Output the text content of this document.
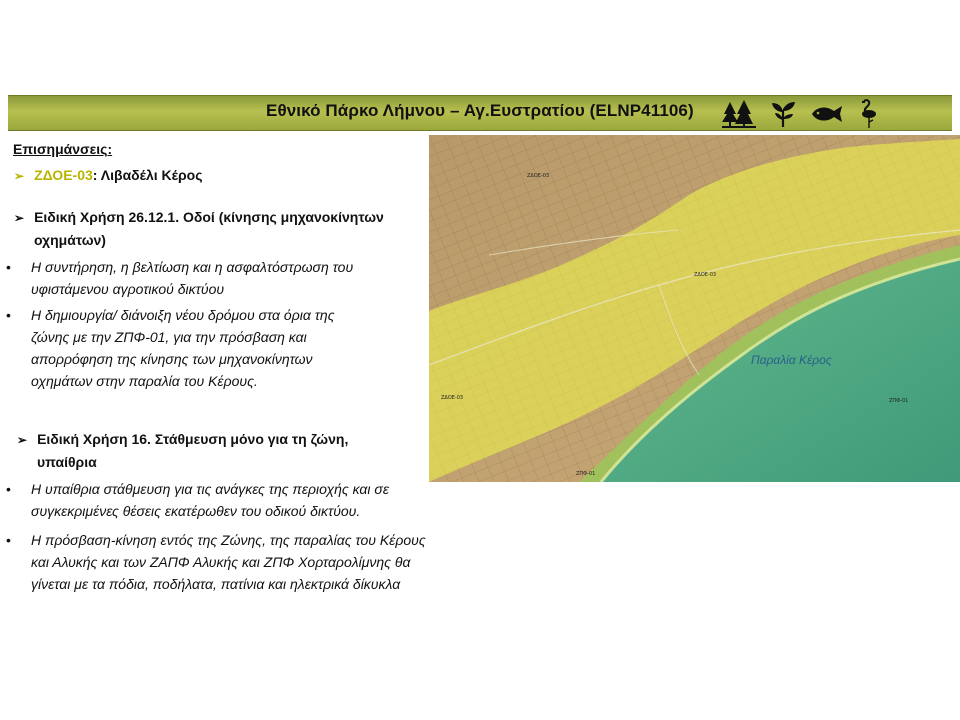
Εθνικό Πάρκο Λήμνου – Αγ.Ευστρατίου (ELNP41106)
ΖΔΟΕ-03
ΖΔΟΕ-03
ΖΔΟΕ-03	ΖΠΦ-01
ΖΠΦ-01
Παραλία Κέρος
Επισημάνσεις:
➢ ΖΔΟΕ-03: Λιβαδέλι Κέρος
➢ Ειδική Χρήση 26.12.1. Οδοί (κίνησης μηχανοκίνητων
οχημάτων)
• Η συντήρηση, η βελτίωση και η ασφαλτόστρωση του
υφιστάμενου αγροτικού δικτύου
• Η δημιουργία/ διάνοιξη νέου δρόμου στα όρια της
ζώνης με την ΖΠΦ-01, για την πρόσβαση και
απορρόφηση της κίνησης των μηχανοκίνητων
οχημάτων στην παραλία του Κέρους.
➢ Ειδική Χρήση 16. Στάθμευση μόνο για τη ζώνη,
υπαίθρια
• Η υπαίθρια στάθμευση για τις ανάγκες της περιοχής και σε
συγκεκριμένες θέσεις εκατέρωθεν του οδικού δικτύου.
• Η πρόσβαση-κίνηση εντός της Ζώνης, της παραλίας του Κέρους
και Αλυκής και των ΖΑΠΦ Αλυκής και ΖΠΦ Χορταρολίμνης θα
γίνεται με τα πόδια, ποδήλατα, πατίνια και ηλεκτρικά δίκυκλα
